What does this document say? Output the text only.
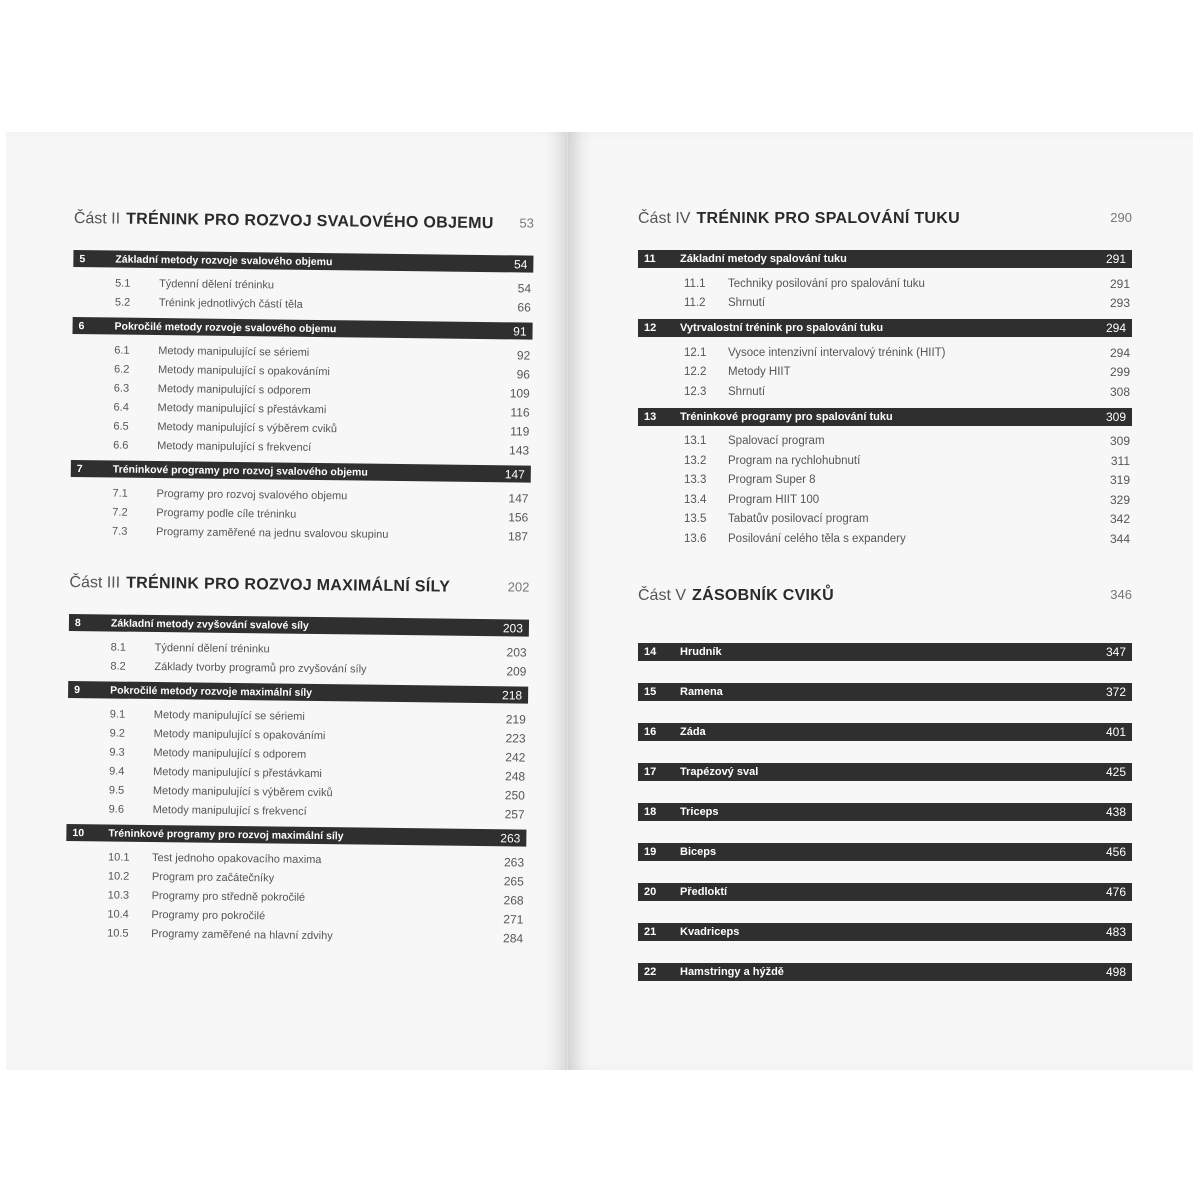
Část II TRÉNINK PRO ROZVOJ SVALOVÉHO OBJEMU 53
5	Základní metody rozvoje svalového objemu	54
5.1	Týdenní dělení tréninku	54
5.2	Trénink jednotlivých částí těla	66
6	Pokročilé metody rozvoje svalového objemu	91
6.1	Metody manipulující se sériemi	92
6.2	Metody manipulující s opakováními	96
6.3	Metody manipulující s odporem	109
6.4	Metody manipulující s přestávkami	116
6.5	Metody manipulující s výběrem cviků	119
6.6	Metody manipulující s frekvencí	143
7	Tréninkové programy pro rozvoj svalového objemu	147
7.1	Programy pro rozvoj svalového objemu	147
7.2	Programy podle cíle tréninku	156
7.3	Programy zaměřené na jednu svalovou skupinu	187
Část III TRÉNINK PRO ROZVOJ MAXIMÁLNÍ SÍLY	202
8	Základní metody zvyšování svalové síly	203
8.1	Týdenní dělení tréninku	203
8.2	Základy tvorby programů pro zvyšování síly	209
9	Pokročilé metody rozvoje maximální síly	218
9.1	Metody manipulující se sériemi	219
9.2	Metody manipulující s opakováními	223
9.3	Metody manipulující s odporem	242
9.4	Metody manipulující s přestávkami	248
9.5	Metody manipulující s výběrem cviků	250
9.6	Metody manipulující s frekvencí	257
10	Tréninkové programy pro rozvoj maximální síly	263
10.1	Test jednoho opakovacího maxima	263
10.2	Program pro začátečníky	265
10.3	Programy pro středně pokročilé	268
10.4	Programy pro pokročilé	271
10.5	Programy zaměřené na hlavní zdvihy	284
Část IV TRÉNINK PRO SPALOVÁNÍ TUKU	290
11	Základní metody spalování tuku	291
11.1	Techniky posilování pro spalování tuku	291
11.2	Shrnutí	293
12	Vytrvalostní trénink pro spalování tuku	294
12.1	Vysoce intenzivní intervalový trénink (HIIT)	294
12.2	Metody HIIT	299
12.3	Shrnutí	308
13	Tréninkové programy pro spalování tuku	309
13.1	Spalovací program	309
13.2	Program na rychlohubnutí	311
13.3	Program Super 8	319
13.4	Program HIIT 100	329
13.5	Tabatův posilovací program	342
13.6	Posilování celého těla s expandery	344
Část V ZÁSOBNÍK CVIKŮ	346
14	Hrudník	347
15	Ramena	372
16	Záda	401
17	Trapézový sval	425
18	Triceps	438
19	Biceps	456
20	Předloktí	476
21	Kvadriceps	483
22	Hamstringy a hýždě	498
